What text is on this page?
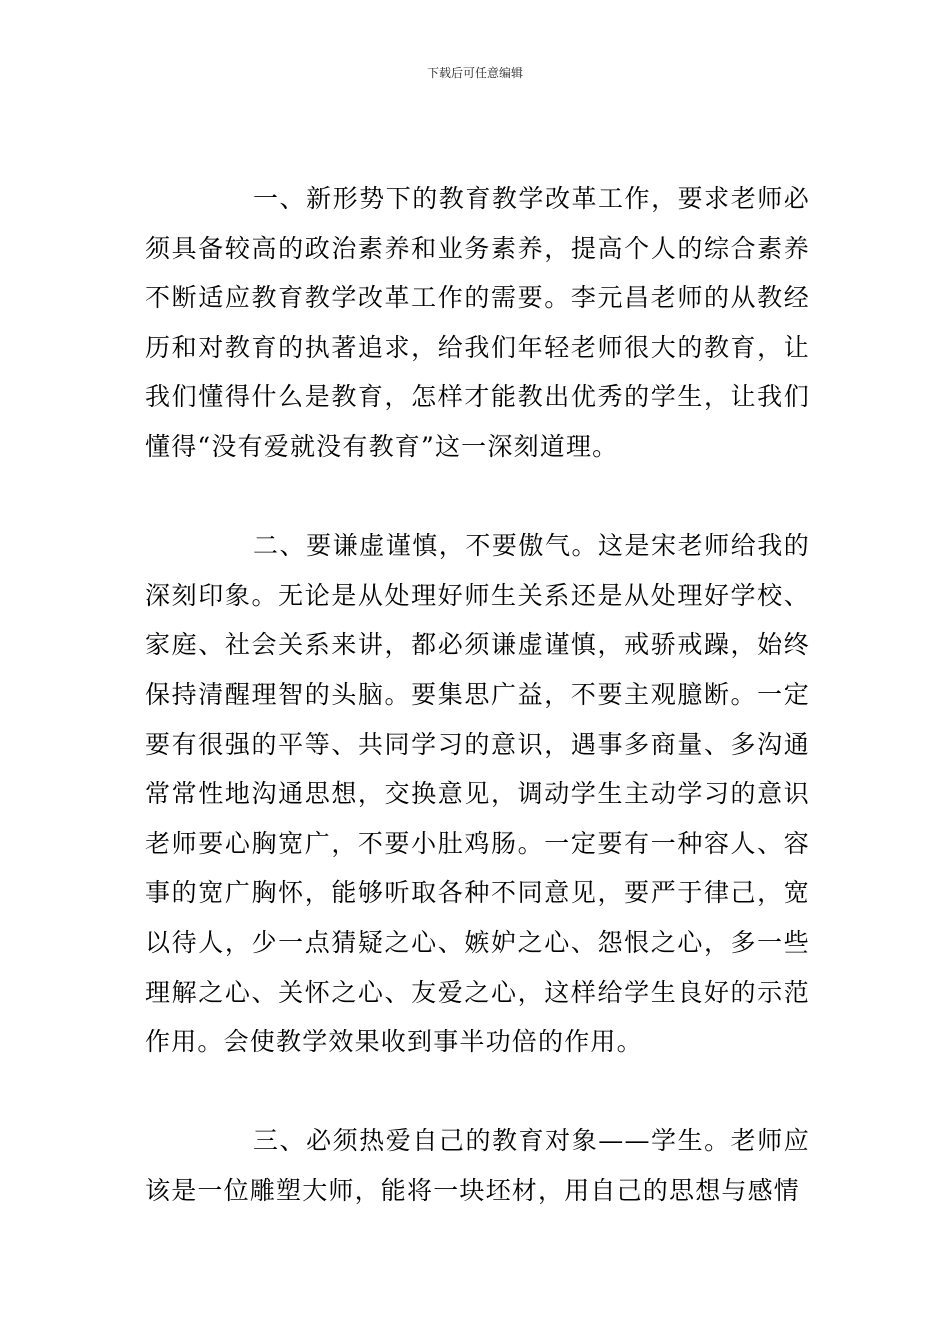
下载后可任意编辑

一、新形势下的教育教学改革工作，要求老师必须具备较高的政治素养和业务素养，提高个人的综合素养不断适应教育教学改革工作的需要。李元昌老师的从教经历和对教育的执著追求，给我们年轻老师很大的教育，让我们懂得什么是教育，怎样才能教出优秀的学生，让我们懂得“没有爱就没有教育”这一深刻道理。

二、要谦虚谨慎，不要傲气。这是宋老师给我的深刻印象。无论是从处理好师生关系还是从处理好学校、家庭、社会关系来讲，都必须谦虚谨慎，戒骄戒躁，始终保持清醒理智的头脑。要集思广益，不要主观臆断。一定要有很强的平等、共同学习的意识，遇事多商量、多沟通常常性地沟通思想，交换意见，调动学生主动学习的意识老师要心胸宽广，不要小肚鸡肠。一定要有一种容人、容事的宽广胸怀，能够听取各种不同意见，要严于律己，宽以待人，少一点猜疑之心、嫉妒之心、怨恨之心，多一些理解之心、关怀之心、友爱之心，这样给学生良好的示范作用。会使教学效果收到事半功倍的作用。

三、必须热爱自己的教育对象——学生。老师应该是一位雕塑大师，能将一块坯材，用自己的思想与感情
